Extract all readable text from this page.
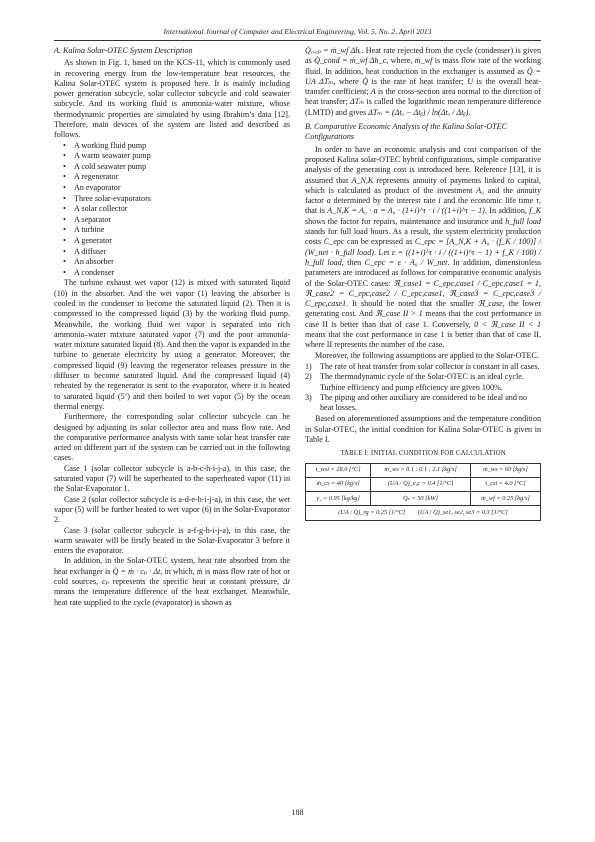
International Journal of Computer and Electrical Engineering, Vol. 5, No. 2, April 2013
A. Kalina Solar-OTEC System Description

As shown in Fig. 1, based on the KCS-11, which is commonly used in recovering energy from the low-temperature heat resources, the Kalina Solar-OTEC system is proposed here. It is mainly including power generation subcycle, solar collector subcycle and cold seawater subcycle. And its working fluid is ammonia-water mixture, whose thermodynamic properties are simulated by using Ibrahim’s data [12]. Therefore, main devices of the system are listed and described as follows.

• A working fluid pump
• A warm seawater pump
• A cold seawater pump
• A regenerator
• An evaporator
• Three solar-evaporators
• A solar collector
• A separator
• A turbine
• A generator
• A diffuser
• An absorber
• A condenser

The turbine exhaust wet vapor (12) is mixed with saturated liquid (10) in the absorber. And the wet vapor (1) leaving the absorber is cooled in the condenser to become the saturated liquid (2). Then it is compressed to the compressed liquid (3) by the working fluid pump. Meanwhile, the working fluid wet vapor is separated into rich ammonia–water mixture saturated vapor (7) and the poor ammonia-water mixture saturated liquid (8). And then the vapor is expanded in the turbine to generate electricity by using a generator. Moreover, the compressed liquid (9) leaving the regenerator releases pressure in the diffuser to become saturated liquid. And the compressed liquid (4) reheated by the regenerator is sent to the evaporator, where it is heated to saturated liquid (5’) and then boiled to wet vapor (5) by the ocean thermal energy.

Furthermore, the corresponding solar collector subcycle can be designed by adjusting its solar collector area and mass flow rate. And the comparative performance analysis with same solar heat transfer rate acted on different part of the system can be carried out in the following cases.

Case 1 (solar collector subcycle is a-b-c-h-i-j-a), in this case, the saturated vapor (7) will be superheated to the superheated vapor (11) in the Solar-Evaporator 1.

Case 2 (solar collector subcycle is a-d-e-h-i-j-a), in this case, the wet vapor (5) will be further heated to wet vapor (6) in the Solar-Evaporator 2.

Case 3 (solar collector subcycle is a-f-g-h-i-j-a), in this case, the warm seawater will be firstly heated in the Solar-Evaporator 3 before it enters the evaporator.

In addition, in the Solar-OTEC system, heat rate absorbed from the heat exchanger is Q̇ = ṁ · cₚ · Δt, in which, ṁ is mass flow rate of hot or cold sources, cₚ represents the specific heat at constant pressure, Δt means the temperature difference of the heat exchanger. Meanwhile, heat rate supplied to the cycle (evaporator) is shown as

Q̇ₑᵥₐₚ = ṁ_wf Δhₑ. Heat rate rejected from the cycle (condenser) is given as Q̇_cond = ṁ_wf Δh_c, where, ṁ_wf is mass flow rate of the working fluid. In addition, heat conduction in the exchanger is assumed as Q̇ = UA ΔTₘ, where Q̇ is the rate of heat transfer; U is the overall heat-transfer coefficient; A is the cross-section area normal to the direction of heat transfer; ΔTₘ is called the logarithmic mean temperature difference (LMTD) and gives ΔTₘ = (Δtₐ − Δtᵦ) / ln(Δtₐ / Δtᵦ).

B. Comparative Economic Analysis of the Kalina Solar-OTEC Configurations

In order to have an economic analysis and cost comparison of the proposed Kalina solar-OTEC hybrid configurations, simple comparative analysis of the generating cost is introduced here. Reference [13], it is assumed that A_N,K represents annuity of payments linked to capital, which is calculated as product of the investment A₀ and the annuity factor a determined by the interest rate i and the economic life time τ, that is A_N,K = A₀ · a = A₀ · (1+i)^τ · i / ((1+i)^τ − 1). In addition, f_K shows the factor for repairs, maintenance and insurance and h_full load stands for full load hours. As a result, the system electricity production costs C_epc can be expressed as C_epc = [A_N,K + A₀ · (f_K / 100)] / (W_net · h_full load). Let ε = ((1+i)^τ · i / ((1+i)^τ − 1) + f_K / 100) / h_full load, then C_epc = ε · A₀ / W_net. In addition, dimensionless parameters are introduced as follows for comparative economic analysis of the Solar-OTEC cases: ℜ_case1 = C_epc,case1 / C_epc,case1 = 1, ℜ_case2 = C_epc,case2 / C_epc,case1, ℜ_case3 = C_epc,case3 / C_epc,case1. It should be noted that the smaller ℜ_case, the lower generating cost. And ℜ_case II > 1 means that the cost performance in case II is better than that of case 1. Conversely, 0 < ℜ_case II < 1 means that the cost performance in case 1 is better than that of case II, where II represents the number of the case.

Moreover, the following assumptions are applied to the Solar-OTEC.

1) The rate of heat transfer from solar collector is constant in all cases.
2) The thermodynamic cycle of the Solar-OTEC is an ideal cycle. Turbine efficiency and pump efficiency are given 100%.
3) The piping and other auxiliary are considered to be ideal and no heat losses.

Based on aforementioned assumptions and the temperature condition in Solar-OTEC, the initial condition for Kalina Solar-OTEC is given in Table I.

TABLE I: INITIAL CONDITION FOR CALCULATION
t_wsi = 28.0 [°C]	ṁ_ws = 0.1 : 0.1 : 2.1 [kg/s]	ṁ_ws = 60 [kg/s]
ṁ_cs = 40 [kg/s]	(UA / Q̇)_e,c = 0.4 [1/°C]	t_csi = 4.0 [°C]
y₅ = 0.95 [kg/kg]	Q̇ₛ = 50 [kW]	ṁ_wf = 0.25 [kg/s]
(UA / Q̇)_rg = 0.25 [1/°C] (UA / Q̇)_se1, se2, se3 = 0.3 [1/°C]		
188
